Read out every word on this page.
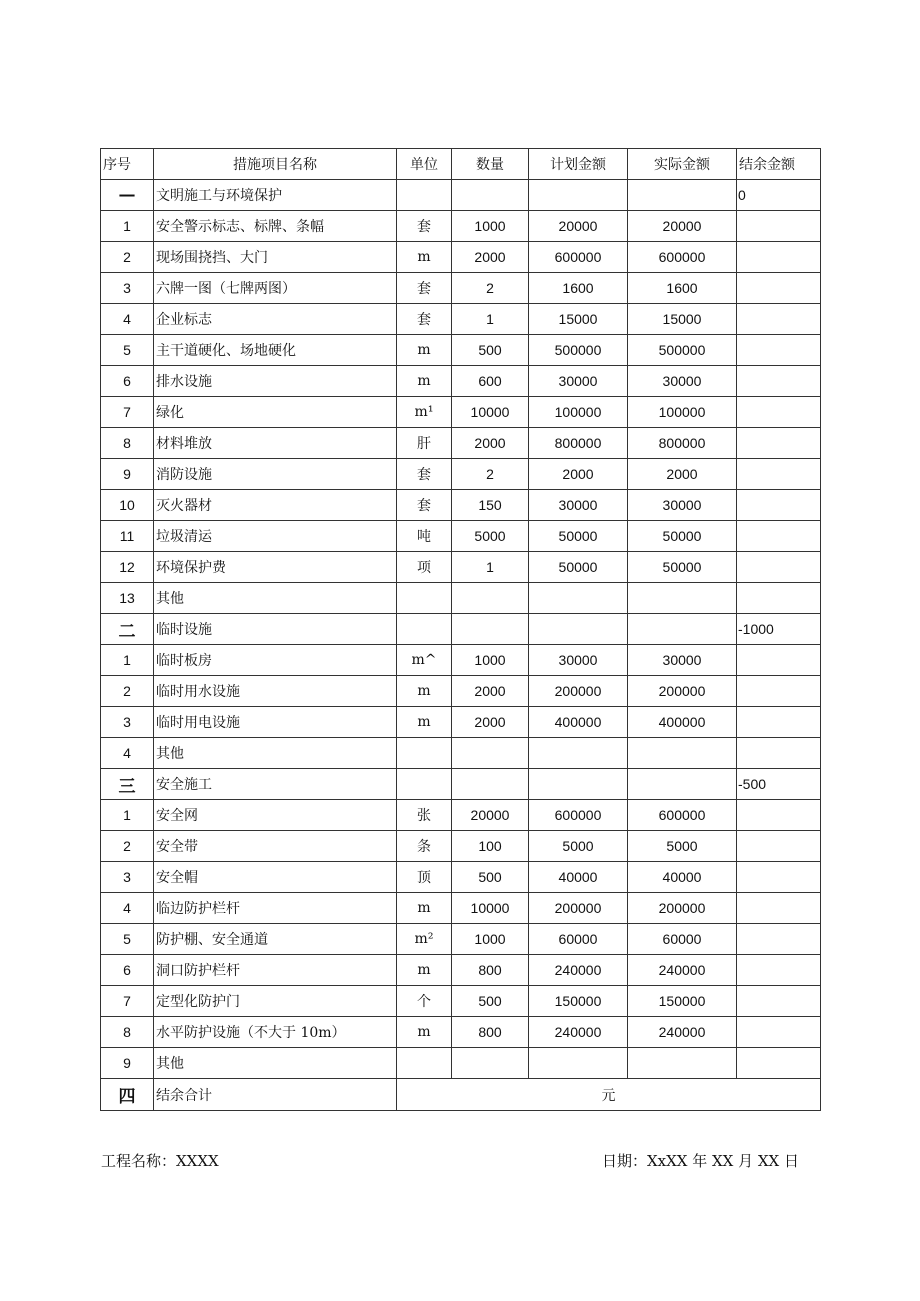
序号	措施项目名称	单位	数量	计划金额	实际金额	结余金额
—	文明施工与环境保护					0
1	安全警示标志、标牌、条幅	套	1000	20000	20000	
2	现场围挠挡、大门	m	2000	600000	600000	
3	六牌一图（七牌两图）	套	2	1600	1600	
4	企业标志	套	1	15000	15000	
5	主干道硬化、场地硬化	m	500	500000	500000	
6	排水设施	m	600	30000	30000	
7	绿化	m¹	10000	100000	100000	
8	材料堆放	肝	2000	800000	800000	
9	消防设施	套	2	2000	2000	
10	灭火器材	套	150	30000	30000	
11	垃圾清运	吨	5000	50000	50000	
12	环境保护费	项	1	50000	50000	
13	其他					
二	临时设施					-1000
1	临时板房	m^	1000	30000	30000	
2	临时用水设施	m	2000	200000	200000	
3	临时用电设施	m	2000	400000	400000	
4	其他					
三	安全施工					-500
1	安全网	张	20000	600000	600000	
2	安全带	条	100	5000	5000	
3	安全帽	顶	500	40000	40000	
4	临边防护栏杆	m	10000	200000	200000	
5	防护棚、安全通道	m²	1000	60000	60000	
6	洞口防护栏杆	m	800	240000	240000	
7	定型化防护门	个	500	150000	150000	
8	水平防护设施（不大于 10m）	m	800	240000	240000	
9	其他					
四	结余合计	元				
工程名称：XXXX	日期：XxXX 年 XX 月 XX 日
